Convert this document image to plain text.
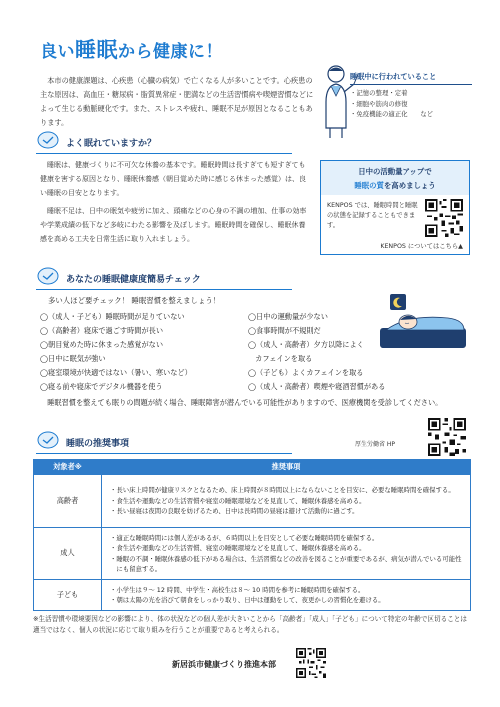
良い睡眠から健康に！

本市の健康課題は、心疾患（心臓の病気）で亡くなる人が多いことです。心疾患の主な原因は、高血圧・糖尿病・脂質異常症・肥満などの生活習慣病や喫煙習慣などによって生じる動脈硬化です。また、ストレスや疲れ、睡眠不足が原因となることもあります。

睡眠中に行われていること
・記憶の整理・定着
・細胞や筋肉の修復
・免疫機能の適正化　　など
よく眠れていますか？

睡眠は、健康づくりに不可欠な休養の基本です。睡眠時間は長すぎても短すぎても健康を害する原因となり、睡眠休養感（朝目覚めた時に感じる休まった感覚）は、良い睡眠の目安となります。

睡眠不足は、日中の眠気や疲労に加え、頭痛などの心身の不調の増加、仕事の効率や学業成績の低下など多岐にわたる影響を及ぼします。睡眠時間を確保し、睡眠休養感を高める工夫を日常生活に取り入れましょう。

日中の活動量アップで
睡眠の質を高めましょう

KENPOS では、睡眠時間と睡眠の状態を記録することもできます。

KENPOS についてはこちら▲
あなたの睡眠健康度簡易チェック
多い人ほど要チェック！ 睡眠習慣を整えましょう！
◯（成人・子ども）睡眠時間が足りていない
◯（高齢者）寝床で過ごす時間が長い
◯朝目覚めた時に休まった感覚がない
◯日中に眠気が強い
◯寝室環境が快適ではない（暑い、寒いなど）
◯寝る前や寝床でデジタル機器を使う
◯日中の運動量が少ない
◯食事時間が不規則だ
◯（成人・高齢者）夕方以降によく
　カフェインを取る
◯（子ども）よくカフェインを取る
◯（成人・高齢者）喫煙や寝酒習慣がある

睡眠習慣を整えても眠りの問題が続く場合、睡眠障害が潜んでいる可能性がありますので、医療機関を受診してください。

睡眠の推奨事項	厚生労働省 HP
対象者※	推奨事項
高齢者	・長い床上時間が健康リスクとなるため、床上時間が８時間以上にならないことを目安に、必要な睡眠時間を確保する。
・食生活や運動などの生活習慣や寝室の睡眠環境などを見直して、睡眠休養感を高める。
・長い昼寝は夜間の良眠を妨げるため、日中は長時間の昼寝は避けて活動的に過ごす。

成人	・適正な睡眠時間には個人差があるが、６時間以上を目安として必要な睡眠時間を確保する。
・食生活や運動などの生活習慣、寝室の睡眠環境などを見直して、睡眠休養感を高める。
・睡眠の不調・睡眠休養感の低下がある場合は、生活習慣などの改善を図ることが重要であるが、病気が潜んでいる可能性にも留意する。

子ども	・小学生は９～ 12 時間、中学生・高校生は８～ 10 時間を参考に睡眠時間を確保する。
・朝は太陽の光を浴びて朝食をしっかり取り、日中は運動をして、夜更かしの習慣化を避ける。

※生活習慣や環境要因などの影響により、体の状況などの個人差が大きいことから「高齢者」「成人」「子ども」について特定の年齢で区切ることは適当ではなく、個人の状況に応じて取り組みを行うことが重要であると考えられる。

新居浜市健康づくり推進本部
